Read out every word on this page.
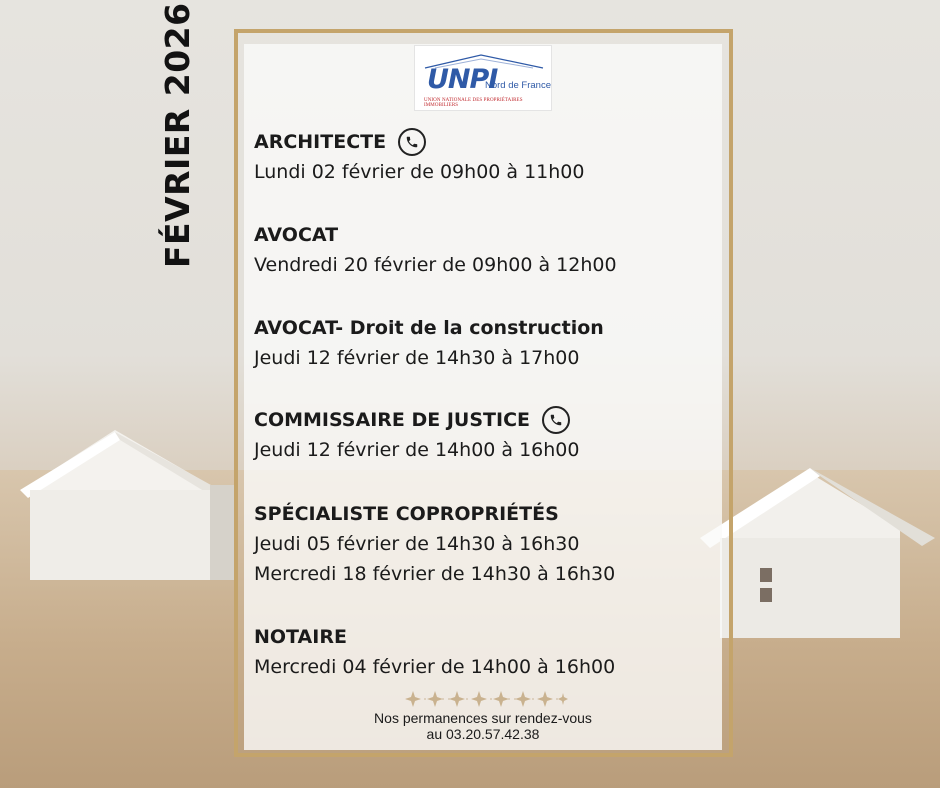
FÉVRIER 2026	UNPI
Nord de France
UNION NATIONALE DES PROPRIÉTAIRES IMMOBILIERS
ARCHITECTE
Lundi 02 février de 09h00 à 11h00
AVOCAT
Vendredi 20 février de 09h00 à 12h00
AVOCAT- Droit de la construction
Jeudi 12 février de 14h30 à 17h00
COMMISSAIRE DE JUSTICE
Jeudi 12 février de 14h00 à 16h00
SPÉCIALISTE COPROPRIÉTÉS
Jeudi 05 février de 14h30 à 16h30
Mercredi 18 février de 14h30 à 16h30
NOTAIRE
Mercredi 04 février de 14h00 à 16h00
Nos permanences sur rendez-vous
au 03.20.57.42.38
